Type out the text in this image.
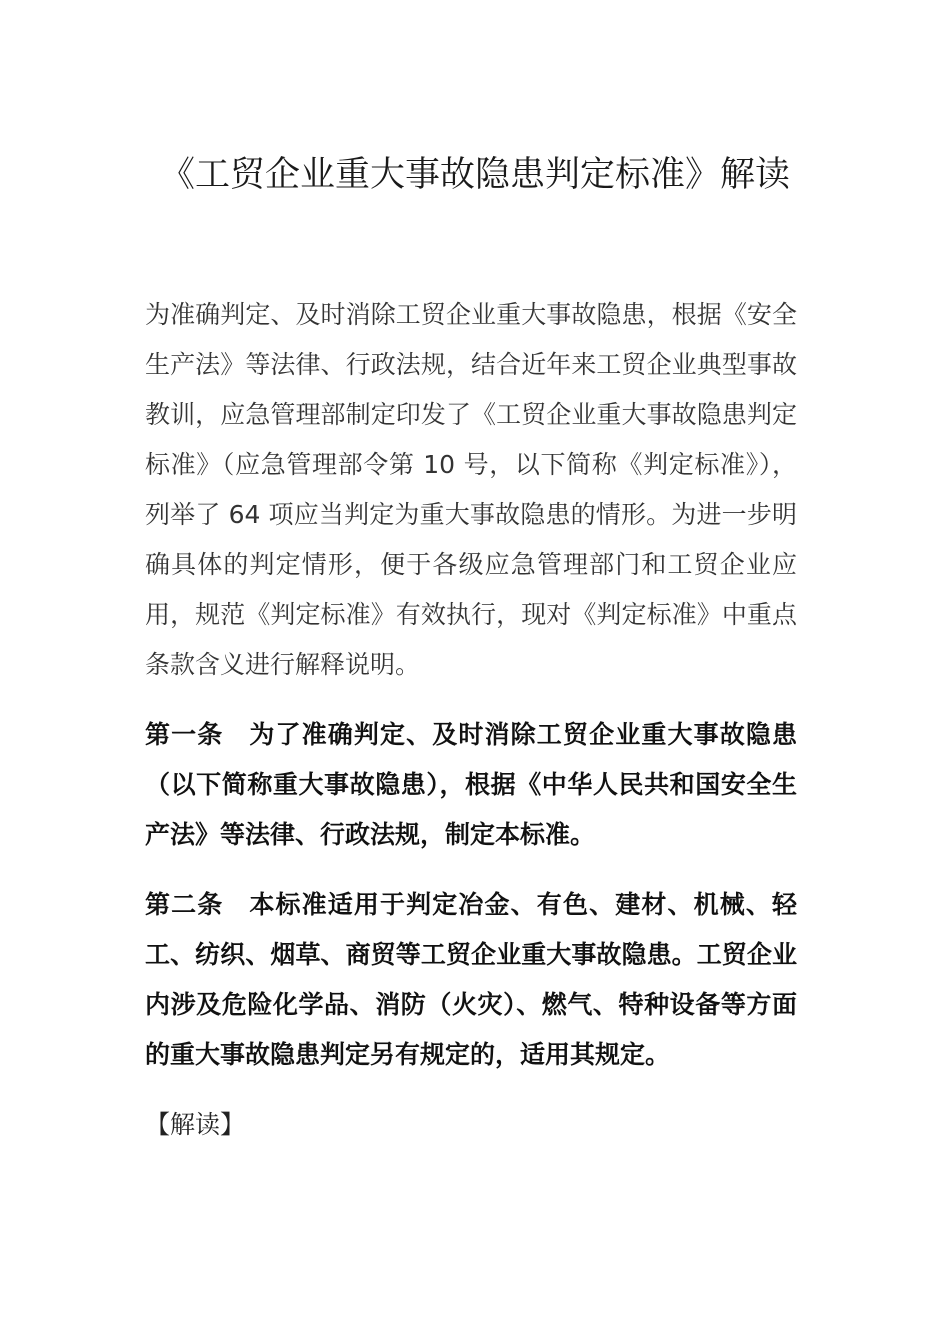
《工贸企业重大事故隐患判定标准》解读

为准确判定、及时消除工贸企业重大事故隐患，根据《安全生产法》等法律、行政法规，结合近年来工贸企业典型事故教训，应急管理部制定印发了《工贸企业重大事故隐患判定标准》（应急管理部令第 10 号，以下简称《判定标准》），列举了 64 项应当判定为重大事故隐患的情形。为进一步明确具体的判定情形，便于各级应急管理部门和工贸企业应用，规范《判定标准》有效执行，现对《判定标准》中重点条款含义进行解释说明。

第一条 为了准确判定、及时消除工贸企业重大事故隐患（以下简称重大事故隐患），根据《中华人民共和国安全生产法》等法律、行政法规，制定本标准。

第二条 本标准适用于判定冶金、有色、建材、机械、轻工、纺织、烟草、商贸等工贸企业重大事故隐患。工贸企业内涉及危险化学品、消防（火灾）、燃气、特种设备等方面的重大事故隐患判定另有规定的，适用其规定。

【解读】
